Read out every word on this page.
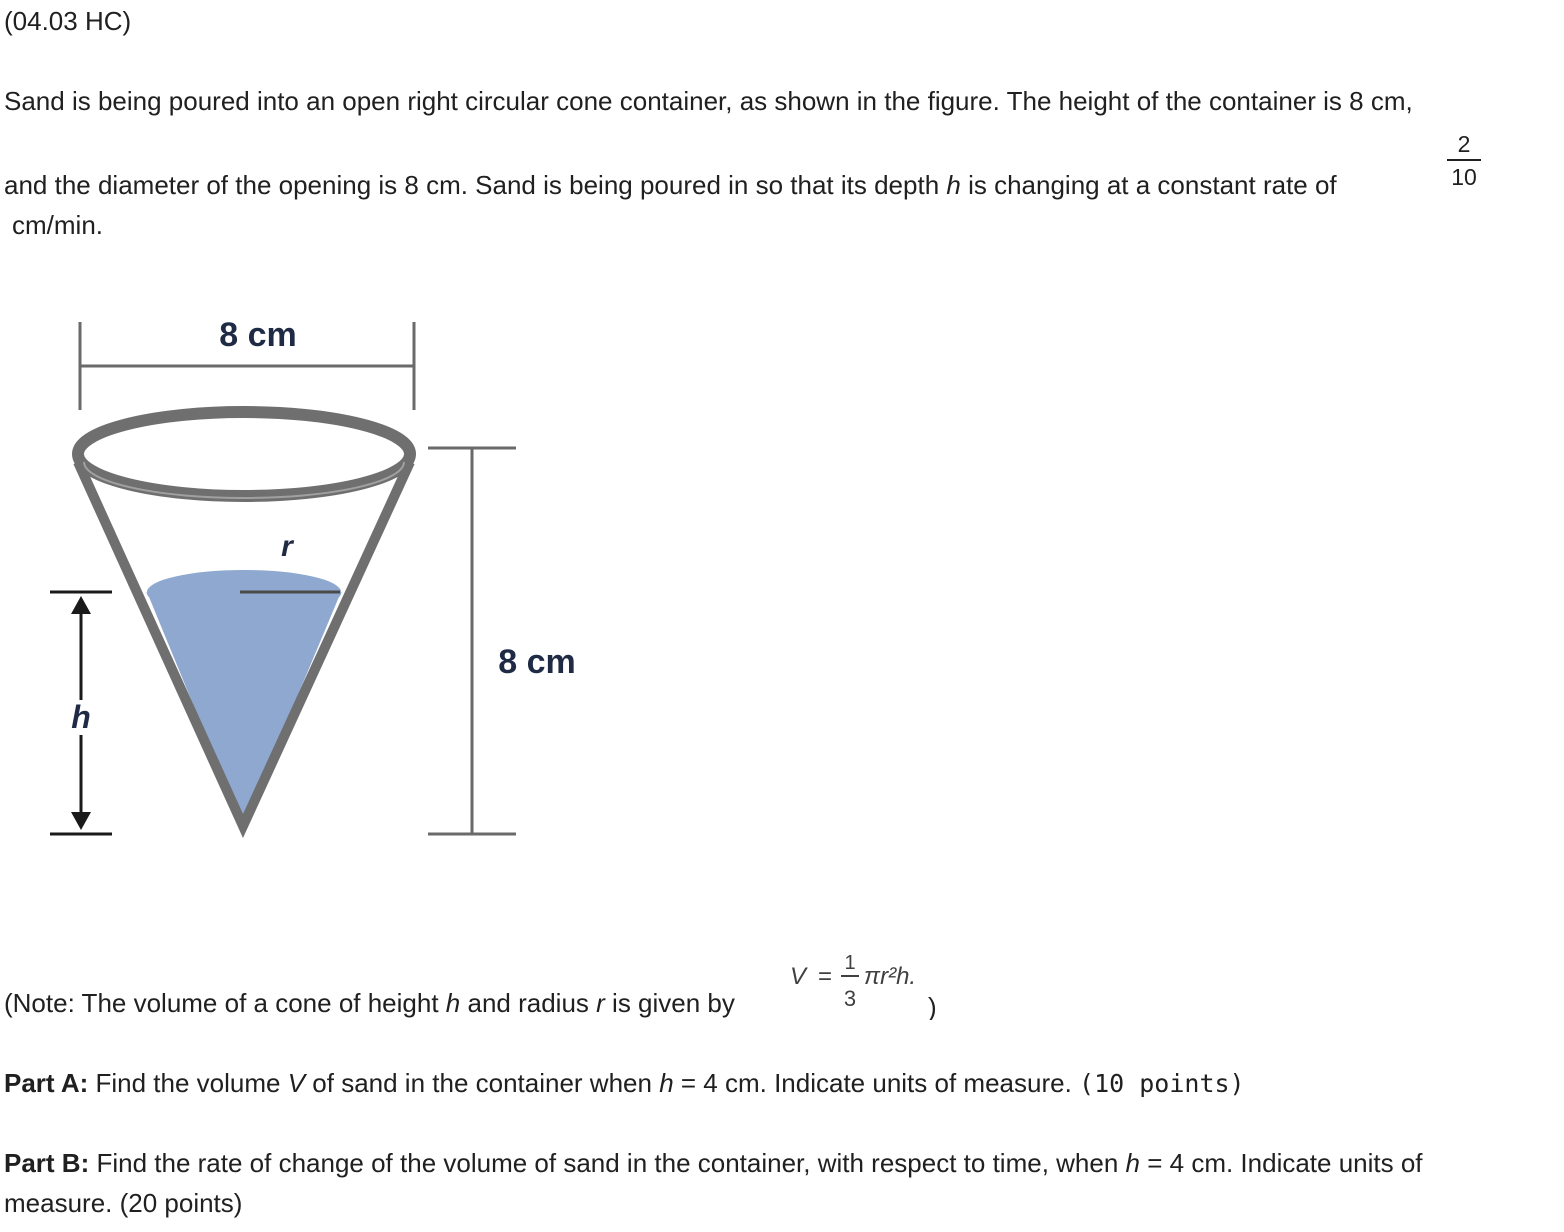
(04.03 HC)
Sand is being poured into an open right circular cone container, as shown in the figure. The height of the container is 8 cm,
and the diameter of the opening is 8 cm. Sand is being poured in so that its depth h is changing at a constant rate of
2
10
cm/min.
8 cm
r
h
8 cm
(Note: The volume of a cone of height h and radius r is given by
V = 1
3
πr²h.
)
Part A: Find the volume V of sand in the container when h = 4 cm. Indicate units of measure. (10 points)
Part B: Find the rate of change of the volume of sand in the container, with respect to time, when h = 4 cm. Indicate units of
measure. (20 points)
